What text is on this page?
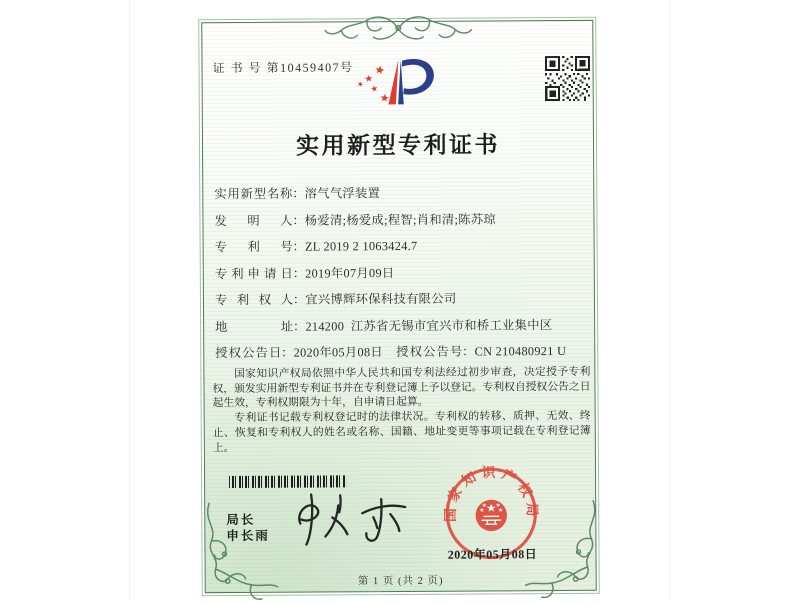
证 书 号 第10459407号
实用新型专利证书
实用新型名称：溶气气浮装置
发明人：杨爱清;杨爱成;程智;肖和清;陈苏琼
专利号：ZL 2019 2 1063424.7
专利申请日：2019年07月09日
专利权人：宜兴博辉环保科技有限公司
地址：214200  江苏省无锡市宜兴市和桥工业集中区
授权公告日：2020年05月08日 授权公告号：CN 210480921 U

国家知识产权局依照中华人民共和国专利法经过初步审查，决定授予专利权，颁发实用新型专利证书并在专利登记簿上予以登记。专利权自授权公告之日起生效，专利权期限为十年，自申请日起算。

专利证书记载专利权登记时的法律状况。专利权的转移、质押、无效、终止、恢复和专利权人的姓名或名称、国籍、地址变更等事项记载在专利登记簿上。

局长
申长雨
国家知识产权局
2020年05月08日
第 1 页 (共 2 页)
